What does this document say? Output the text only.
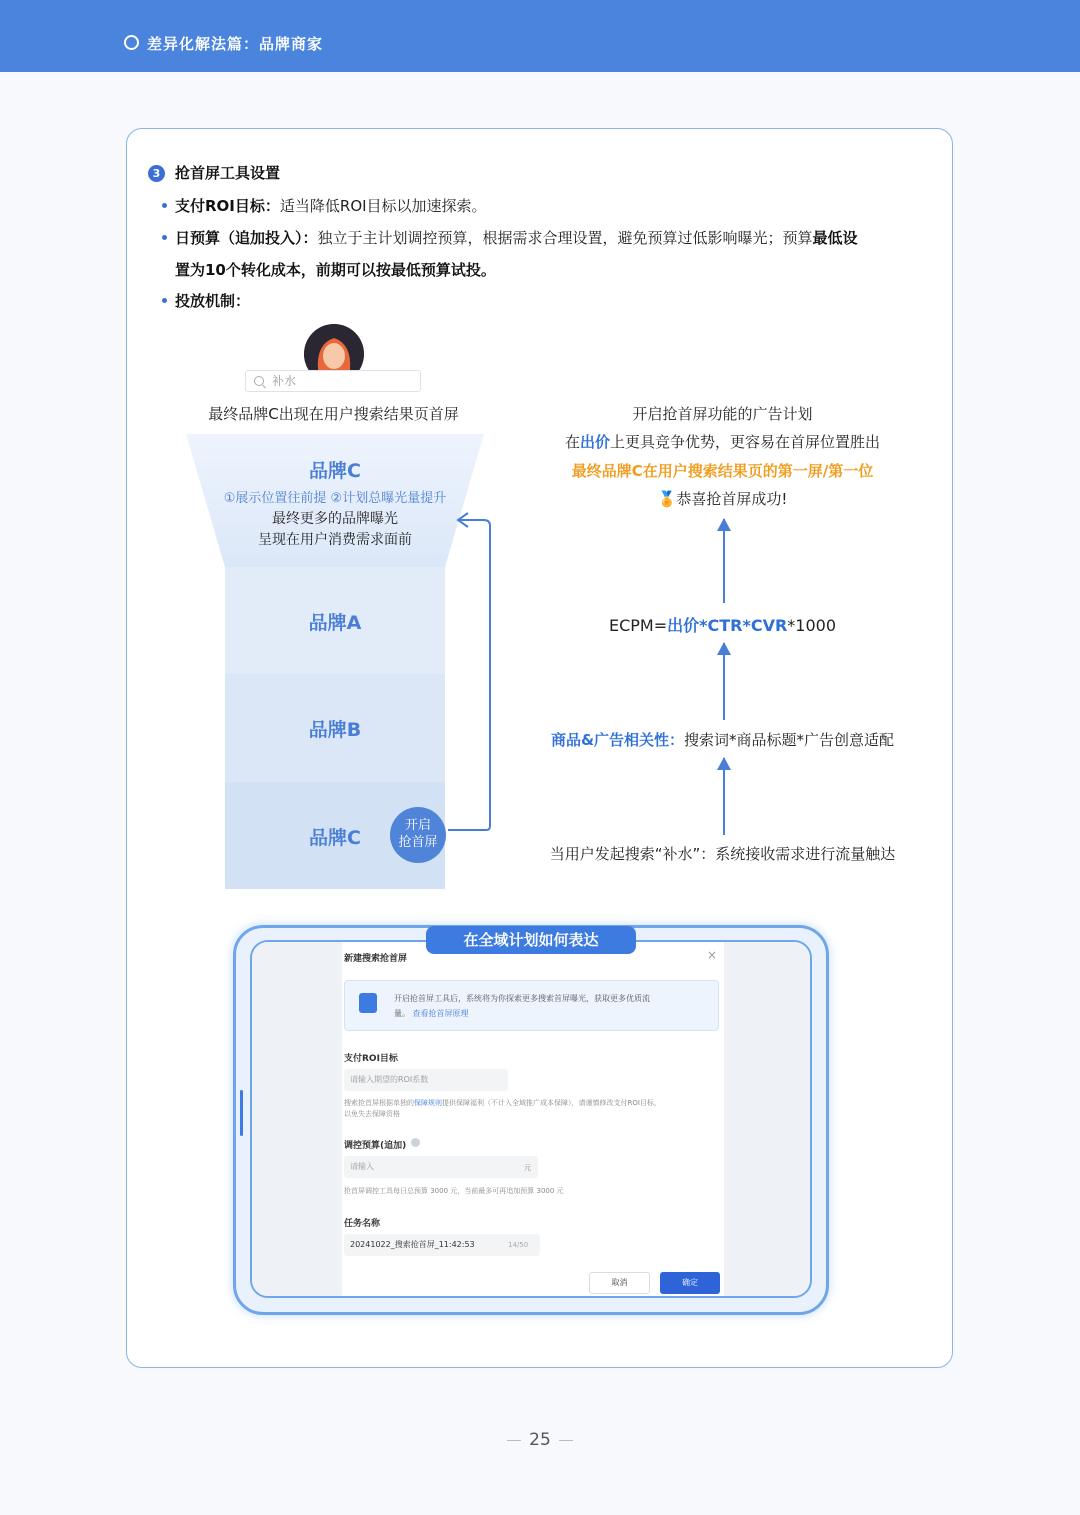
差异化解法篇：品牌商家
3 抢首屏工具设置
支付ROI目标：适当降低ROI目标以加速探索。
日预算（追加投入）：独立于主计划调控预算，根据需求合理设置，避免预算过低影响曝光；预算最低设
置为10个转化成本，前期可以按最低预算试投。
投放机制：
补水
最终品牌C出现在用户搜索结果页首屏
品牌C
①展示位置往前提 ②计划总曝光量提升
最终更多的品牌曝光
呈现在用户消费需求面前
品牌A
品牌B
品牌C
开启
抢首屏
开启抢首屏功能的广告计划
在出价上更具竞争优势，更容易在首屏位置胜出
最终品牌C在用户搜索结果页的第一屏/第一位
🏅恭喜抢首屏成功!
ECPM=出价*CTR*CVR*1000
商品&广告相关性：搜索词*商品标题*广告创意适配
当用户发起搜索“补水”：系统接收需求进行流量触达
在全域计划如何表达
新建搜索抢首屏	×
开启抢首屏工具后，系统将为你探索更多搜索首屏曝光，获取更多优质流
量。 查看抢首屏原理
支付ROI目标
请输入期望的ROI系数
搜索抢首屏根据单独的保障规则提供保障福利（不计入全域推广成本保障），请谨慎修改支付ROI目标，
以免失去保障资格
调控预算(追加)
请输入	元
抢首屏调控工具每日总预算 3000 元，当前最多可再追加预算 3000 元
任务名称
20241022_搜索抢首屏_11:42:53	14/50
取消	确定
25
